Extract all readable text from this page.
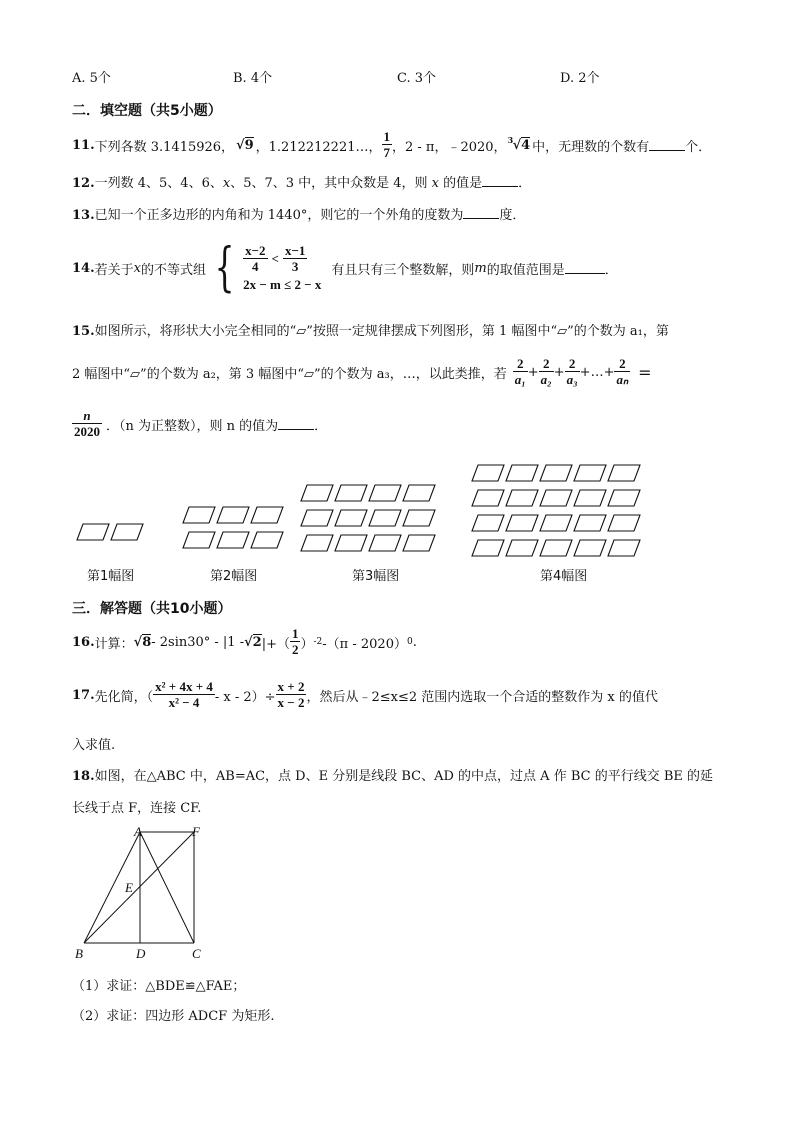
A. 5个	B. 4个	C. 3个	D. 2个
二．填空题（共5小题）
11. 下列各数 3.1415926， √9 ，1.212212221…， $\frac{1}{7}$ ，2 - π，﹣2020， 3 √4 中，无理数的个数有	个．
12.一列数 4、5、4、6、x、5、7、3 中，其中众数是 4，则 x 的值是	．
13.已知一个正多边形的内角和为 1440°，则它的一个外角的度数为	度．
14. 若关于 x 的不等式组 { $\frac{x-2}{4} < \frac{x-1}{3}$
2x − m ≤ 2 − x
有且只有三个整数解，则 m 的取值范围是	．
15.如图所示，将形状大小完全相同的“▱”按照一定规律摆成下列图形，第 1 幅图中“▱”的个数为 a₁，第
2 幅图中“▱”的个数为 a₂，第 3 幅图中“▱”的个数为 a₃，…，以此类推，若 $\frac{2}{\text{a₁}} + \frac{2}{\text{a₂}} + \frac{2}{\text{a₃}}$ +…+ $\frac{2}{\text{aₙ}}$ =
$\frac{n}{2020}$ ．（n 为正整数），则 n 的值为	．
第1幅图	第2幅图	第3幅图	第4幅图
三．解答题（共10小题）
16. 计算： √8 - 2sin30° - |1 - √2 |+（ $\frac{1}{2}$ ） -2 -（π - 2020） 0 .
17. 先化简，（ $\frac{\text{x² + 4x + 4}}{\text{x² − 4}} - x - 2)\div \frac{x + 2}{x - 2}$ ，然后从﹣2≤x≤2 范围内选取一个合适的整数作为 x 的值代
入求值.
18.如图，在△ABC 中，AB=AC，点 D、E 分别是线段 BC、AD 的中点，过点 A 作 BC 的平行线交 BE 的延
长线于点 F，连接 CF.
A	F
E
B	D	C
（1）求证：△BDE≌△FAE；
（2）求证：四边形 ADCF 为矩形.
